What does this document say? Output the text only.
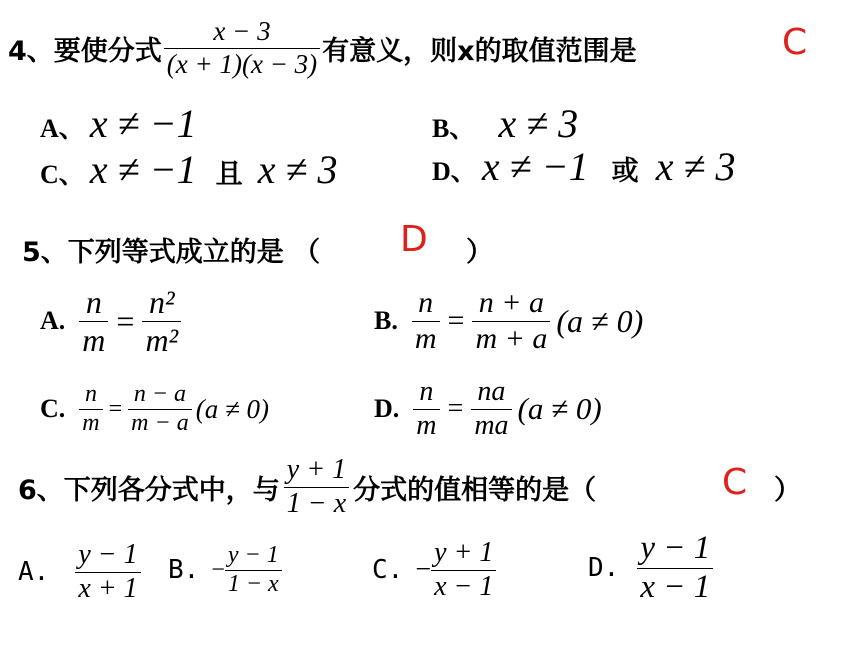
4、要使分式 $\frac{x - 3}{(x + 1)(x - 3)}$ 有意义，则x的取值范围是	C
A、 x ≠ −1	B、 x ≠ 3
C、 x ≠ −1 且 x ≠ 3	D、 x ≠ −1 或 x ≠ 3
5、下列等式成立的是 （ D ）
A. $\frac{n}{m} = \frac{\text{n²}}{\text{m²}}$	B. $\frac{n}{m} = \frac{n + a}{m + a} (a \ne 0)$
C. $\frac{n}{m} = \frac{n - a}{m - a} (a \ne 0)$	D. $\frac{n}{m} = \frac{na}{ma} (a \ne 0)$
6、下列各分式中，与 $\frac{y + 1}{1 - x}$ 分式的值相等的是（	C ）
A. $\frac{y - 1}{x + 1} B$. − $\frac{y - 1}{1 - x}$	C. − $\frac{y + 1}{x - 1}$	D. $\frac{y - 1}{x - 1}$
